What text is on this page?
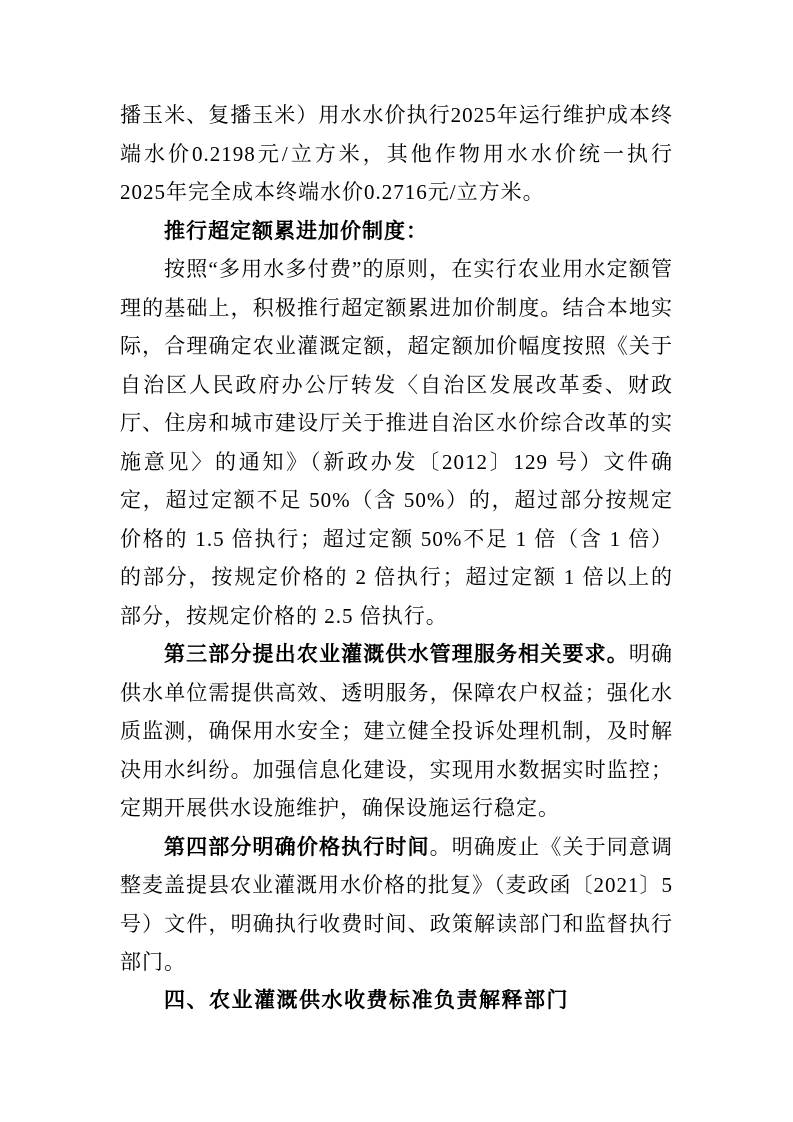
播玉米、复播玉米）用水水价执行2025年运行维护成本终端水价0.2198元/立方米，其他作物用水水价统一执行2025年完全成本终端水价0.2716元/立方米。

推行超定额累进加价制度：

按照“多用水多付费”的原则，在实行农业用水定额管理的基础上，积极推行超定额累进加价制度。结合本地实际，合理确定农业灌溉定额，超定额加价幅度按照《关于自治区人民政府办公厅转发〈自治区发展改革委、财政厅、住房和城市建设厅关于推进自治区水价综合改革的实施意见〉的通知》（新政办发〔2012〕129 号）文件确定，超过定额不足 50%（含 50%）的，超过部分按规定价格的 1.5 倍执行；超过定额 50%不足 1 倍（含 1 倍）的部分，按规定价格的 2 倍执行；超过定额 1 倍以上的部分，按规定价格的 2.5 倍执行。

第三部分提出农业灌溉供水管理服务相关要求。明确供水单位需提供高效、透明服务，保障农户权益；强化水质监测，确保用水安全；建立健全投诉处理机制，及时解决用水纠纷。加强信息化建设，实现用水数据实时监控；定期开展供水设施维护，确保设施运行稳定。

第四部分明确价格执行时间。明确废止《关于同意调整麦盖提县农业灌溉用水价格的批复》（麦政函〔2021〕5 号）文件，明确执行收费时间、政策解读部门和监督执行部门。

四、农业灌溉供水收费标准负责解释部门
